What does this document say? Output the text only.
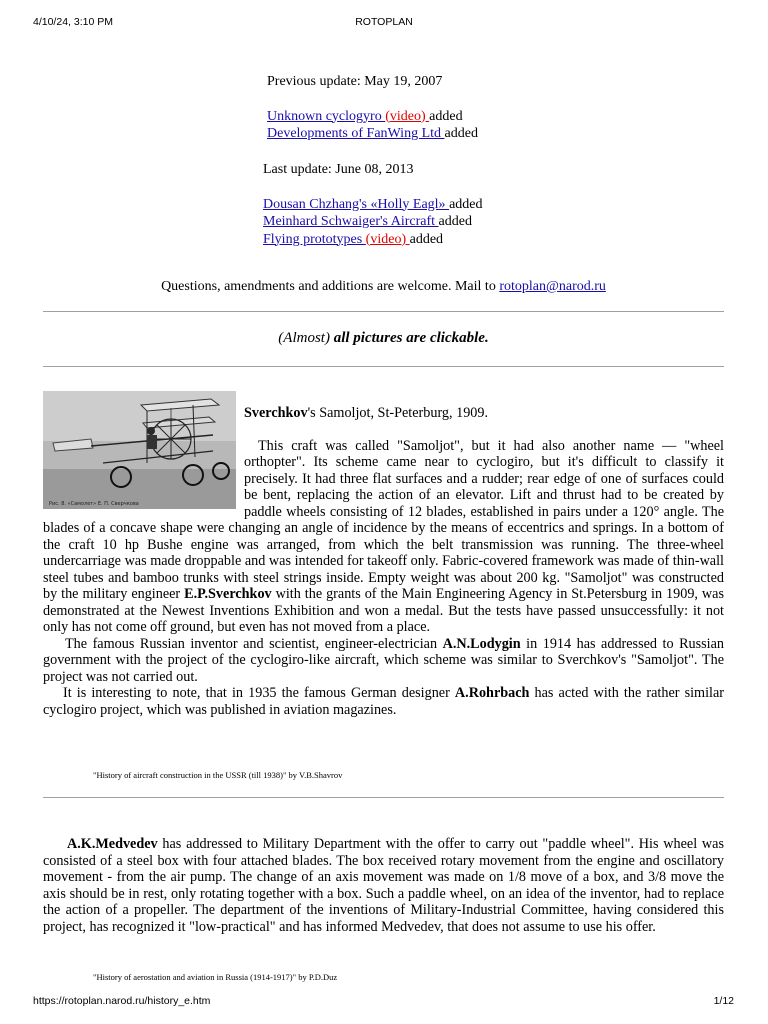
4/10/24, 3:10 PM	ROTOPLAN
Previous update: May 19, 2007
Unknown cyclogyro (video) added
Developments of FanWing Ltd added
Last update: June 08, 2013
Dousan Chzhang's «Holly Eagl» added
Meinhard Schwaiger's Aircraft added
Flying prototypes (video) added
Questions, amendments and additions are welcome. Mail to rotoplan@narod.ru
(Almost) all pictures are clickable.
Рис. 8. «Самолет» Е. П. Сверчкова

Sverchkov's Samoljot, St-Peterburg, 1909.

This craft was called "Samoljot", but it had also another name — "wheel orthopter". Its scheme came near to cyclogiro, but it's difficult to classify it precisely. It had three flat surfaces and a rudder; rear edge of one of surfaces could be bent, replacing the action of an elevator. Lift and thrust had to be created by paddle wheels consisting of 12 blades, established in pairs under a 120° angle. The blades of a concave shape were changing an angle of incidence by the means of eccentrics and springs. In a bottom of the craft 10 hp Bushe engine was arranged, from which the belt transmission was running. The three-wheel undercarriage was made droppable and was intended for takeoff only. Fabric-covered framework was made of thin-wall steel tubes and bamboo trunks with steel strings inside. Empty weight was about 200 kg. "Samoljot" was constructed by the military engineer E.P.Sverchkov with the grants of the Main Engineering Agency in St.Petersburg in 1909, was demonstrated at the Newest Inventions Exhibition and won a medal. But the tests have passed unsuccessfully: it not only has not come off ground, but even has not moved from a place.

The famous Russian inventor and scientist, engineer-electrician A.N.Lodygin in 1914 has addressed to Russian government with the project of the cyclogiro-like aircraft, which scheme was similar to Sverchkov's "Samoljot". The project was not carried out.

It is interesting to note, that in 1935 the famous German designer A.Rohrbach has acted with the rather similar cyclogiro project, which was published in aviation magazines.

"History of aircraft construction in the USSR (till 1938)" by V.B.Shavrov

A.K.Medvedev has addressed to Military Department with the offer to carry out "paddle wheel". His wheel was consisted of a steel box with four attached blades. The box received rotary movement from the engine and oscillatory movement - from the air pump. The change of an axis movement was made on 1/8 move of a box, and 3/8 move the axis should be in rest, only rotating together with a box. Such a paddle wheel, on an idea of the inventor, had to replace the action of a propeller. The department of the inventions of Military-Industrial Committee, having considered this project, has recognized it "low-practical" and has informed Medvedev, that does not assume to use his offer.

"History of aerostation and aviation in Russia (1914-1917)" by P.D.Duz
https://rotoplan.narod.ru/history_e.htm	1/12
